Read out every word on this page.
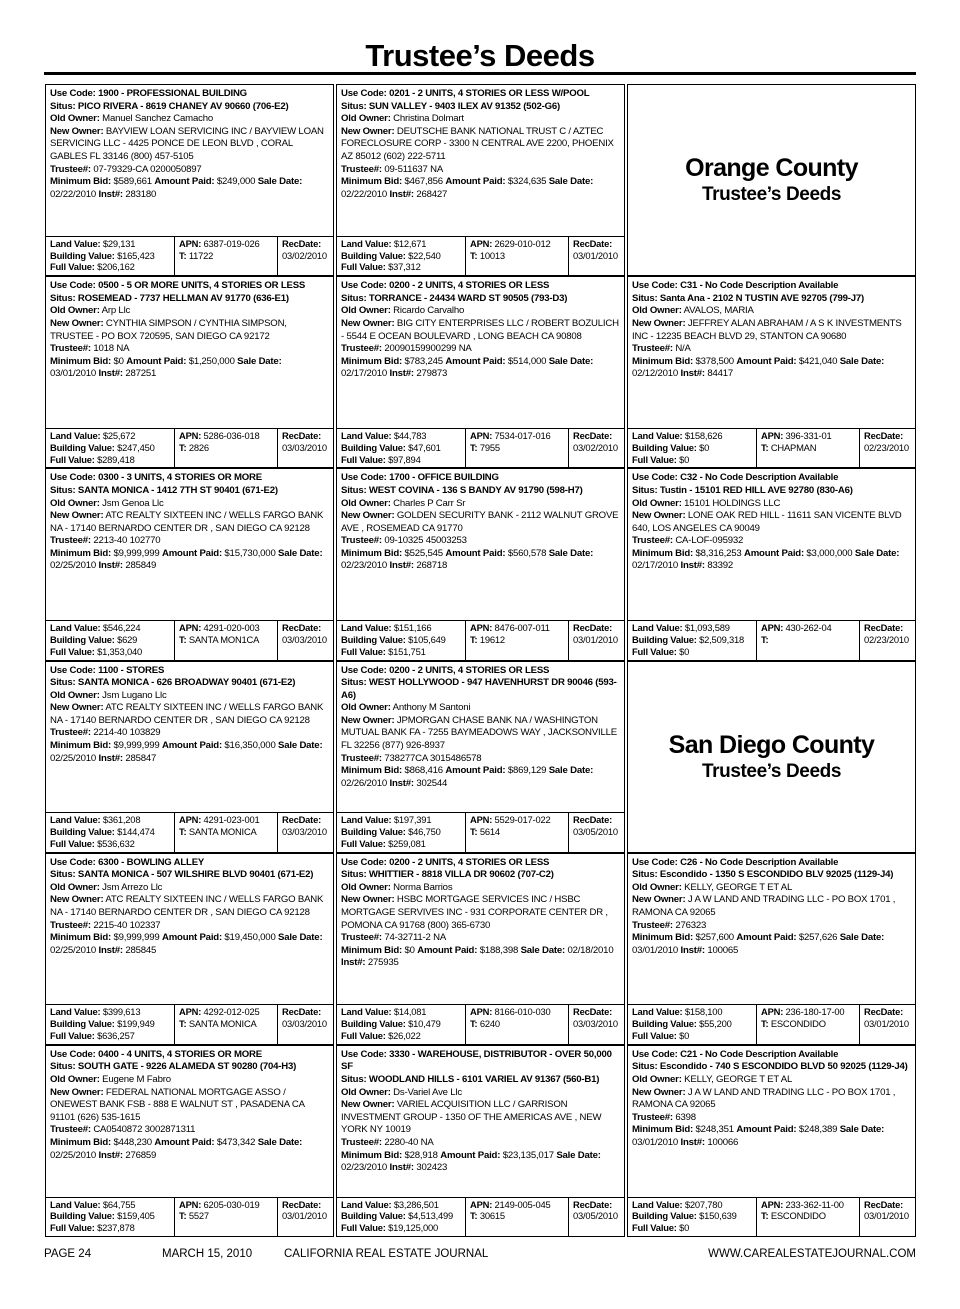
Trustee’s Deeds
Use Code: 1900 - PROFESSIONAL BUILDING
Situs: PICO RIVERA - 8619 CHANEY AV 90660 (706-E2)
Old Owner: Manuel Sanchez Camacho
New Owner: BAYVIEW LOAN SERVICING INC / BAYVIEW LOAN SERVICING LLC - 4425 PONCE DE LEON BLVD , CORAL GABLES FL 33146 (800) 457-5105
Trustee#: 07-79329-CA 0200050897
Minimum Bid: $589,661 Amount Paid: $249,000 Sale Date: 02/22/2010 Inst#: 283180
Land Value: $29,131
Building Value: $165,423
Full Value: $206,162
APN: 6387-019-026
T: 11722
RecDate:
03/02/2010
Use Code: 0201 - 2 UNITS, 4 STORIES OR LESS W/POOL
Situs: SUN VALLEY - 9403 ILEX AV 91352 (502-G6)
Old Owner: Christina Dolmart
New Owner: DEUTSCHE BANK NATIONAL TRUST C / AZTEC FORECLOSURE CORP - 3300 N CENTRAL AVE 2200, PHOENIX AZ 85012 (602) 222-5711
Trustee#: 09-511637 NA
Minimum Bid: $467,856 Amount Paid: $324,635 Sale Date: 02/22/2010 Inst#: 268427
Land Value: $12,671
Building Value: $22,540
Full Value: $37,312
APN: 2629-010-012
T: 10013
RecDate:
03/01/2010
Orange County
Trustee’s Deeds
Use Code: 0500 - 5 OR MORE UNITS, 4 STORIES OR LESS
Situs: ROSEMEAD - 7737 HELLMAN AV 91770 (636-E1)
Old Owner: Arp Llc
New Owner: CYNTHIA SIMPSON / CYNTHIA SIMPSON, TRUSTEE - PO BOX 720595, SAN DIEGO CA 92172
Trustee#: 1018 NA
Minimum Bid: $0 Amount Paid: $1,250,000 Sale Date: 03/01/2010 Inst#: 287251
Land Value: $25,672
Building Value: $247,450
Full Value: $289,418
APN: 5286-036-018
T: 2826
RecDate:
03/03/2010
Use Code: 0200 - 2 UNITS, 4 STORIES OR LESS
Situs: TORRANCE - 24434 WARD ST 90505 (793-D3)
Old Owner: Ricardo Carvalho
New Owner: BIG CITY ENTERPRISES LLC / ROBERT BOZULICH - 5544 E OCEAN BOULEVARD , LONG BEACH CA 90808
Trustee#: 20090159900299 NA
Minimum Bid: $783,245 Amount Paid: $514,000 Sale Date: 02/17/2010 Inst#: 279873
Land Value: $44,783
Building Value: $47,601
Full Value: $97,894
APN: 7534-017-016
T: 7955
RecDate:
03/02/2010
Use Code: C31 - No Code Description Available
Situs: Santa Ana - 2102 N TUSTIN AVE 92705 (799-J7)
Old Owner: AVALOS, MARIA
New Owner: JEFFREY ALAN ABRAHAM / A S K INVESTMENTS INC - 12235 BEACH BLVD 29, STANTON CA 90680
Trustee#: N/A
Minimum Bid: $378,500 Amount Paid: $421,040 Sale Date: 02/12/2010 Inst#: 84417
Land Value: $158,626
Building Value: $0
Full Value: $0
APN: 396-331-01
T: CHAPMAN
RecDate:
02/23/2010
Use Code: 0300 - 3 UNITS, 4 STORIES OR MORE
Situs: SANTA MONICA - 1412 7TH ST 90401 (671-E2)
Old Owner: Jsm Genoa Llc
New Owner: ATC REALTY SIXTEEN INC / WELLS FARGO BANK NA - 17140 BERNARDO CENTER DR , SAN DIEGO CA 92128
Trustee#: 2213-40 102770
Minimum Bid: $9,999,999 Amount Paid: $15,730,000 Sale Date: 02/25/2010 Inst#: 285849
Land Value: $546,224
Building Value: $629
Full Value: $1,353,040
APN: 4291-020-003
T: SANTA MON1CA
RecDate:
03/03/2010
Use Code: 1700 - OFFICE BUILDING
Situs: WEST COVINA - 136 S BANDY AV 91790 (598-H7)
Old Owner: Charles P Carr Sr
New Owner: GOLDEN SECURITY BANK - 2112 WALNUT GROVE AVE , ROSEMEAD CA 91770
Trustee#: 09-10325 45003253
Minimum Bid: $525,545 Amount Paid: $560,578 Sale Date: 02/23/2010 Inst#: 268718
Land Value: $151,166
Building Value: $105,649
Full Value: $151,751
APN: 8476-007-011
T: 19612
RecDate:
03/01/2010
Use Code: C32 - No Code Description Available
Situs: Tustin - 15101 RED HILL AVE 92780 (830-A6)
Old Owner: 15101 HOLDINGS LLC
New Owner: LONE OAK RED HILL - 11611 SAN VICENTE BLVD 640, LOS ANGELES CA 90049
Trustee#: CA-LOF-095932
Minimum Bid: $8,316,253 Amount Paid: $3,000,000 Sale Date: 02/17/2010 Inst#: 83392
Land Value: $1,093,589
Building Value: $2,509,318
Full Value: $0
APN: 430-262-04
T:
RecDate:
02/23/2010
Use Code: 1100 - STORES
Situs: SANTA MONICA - 626 BROADWAY 90401 (671-E2)
Old Owner: Jsm Lugano Llc
New Owner: ATC REALTY SIXTEEN INC / WELLS FARGO BANK NA - 17140 BERNARDO CENTER DR , SAN DIEGO CA 92128
Trustee#: 2214-40 103829
Minimum Bid: $9,999,999 Amount Paid: $16,350,000 Sale Date: 02/25/2010 Inst#: 285847
Land Value: $361,208
Building Value: $144,474
Full Value: $536,632
APN: 4291-023-001
T: SANTA MONICA
RecDate:
03/03/2010
Use Code: 0200 - 2 UNITS, 4 STORIES OR LESS
Situs: WEST HOLLYWOOD - 947 HAVENHURST DR 90046 (593-A6)
Old Owner: Anthony M Santoni
New Owner: JPMORGAN CHASE BANK NA / WASHINGTON MUTUAL BANK FA - 7255 BAYMEADOWS WAY , JACKSONVILLE FL 32256 (877) 926-8937
Trustee#: 738277CA 3015486578
Minimum Bid: $868,416 Amount Paid: $869,129 Sale Date: 02/26/2010 Inst#: 302544
Land Value: $197,391
Building Value: $46,750
Full Value: $259,081
APN: 5529-017-022
T: 5614
RecDate:
03/05/2010
San Diego County
Trustee’s Deeds
Use Code: 6300 - BOWLING ALLEY
Situs: SANTA MONICA - 507 WILSHIRE BLVD 90401 (671-E2)
Old Owner: Jsm Arrezo Llc
New Owner: ATC REALTY SIXTEEN INC / WELLS FARGO BANK NA - 17140 BERNARDO CENTER DR , SAN DIEGO CA 92128
Trustee#: 2215-40 102337
Minimum Bid: $9,999,999 Amount Paid: $19,450,000 Sale Date: 02/25/2010 Inst#: 285845
Land Value: $399,613
Building Value: $199,949
Full Value: $636,257
APN: 4292-012-025
T: SANTA MONICA
RecDate:
03/03/2010
Use Code: 0200 - 2 UNITS, 4 STORIES OR LESS
Situs: WHITTIER - 8818 VILLA DR 90602 (707-C2)
Old Owner: Norma Barrios
New Owner: HSBC MORTGAGE SERVICES INC / HSBC MORTGAGE SERVIVES INC - 931 CORPORATE CENTER DR , POMONA CA 91768 (800) 365-6730
Trustee#: 74-32711-2 NA
Minimum Bid: $0 Amount Paid: $188,398 Sale Date: 02/18/2010 Inst#: 275935
Land Value: $14,081
Building Value: $10,479
Full Value: $26,022
APN: 8166-010-030
T: 6240
RecDate:
03/03/2010
Use Code: C26 - No Code Description Available
Situs: Escondido - 1350 S ESCONDIDO BLV 92025 (1129-J4)
Old Owner: KELLY, GEORGE T ET AL
New Owner: J A W LAND AND TRADING LLC - PO BOX 1701 , RAMONA CA 92065
Trustee#: 276323
Minimum Bid: $257,600 Amount Paid: $257,626 Sale Date: 03/01/2010 Inst#: 100065
Land Value: $158,100
Building Value: $55,200
Full Value: $0
APN: 236-180-17-00
T: ESCONDIDO
RecDate:
03/01/2010
Use Code: 0400 - 4 UNITS, 4 STORIES OR MORE
Situs: SOUTH GATE - 9226 ALAMEDA ST 90280 (704-H3)
Old Owner: Eugene M Fabro
New Owner: FEDERAL NATIONAL MORTGAGE ASSO / ONEWEST BANK FSB - 888 E WALNUT ST , PASADENA CA 91101 (626) 535-1615
Trustee#: CA0540872 3002871311
Minimum Bid: $448,230 Amount Paid: $473,342 Sale Date: 02/25/2010 Inst#: 276859
Land Value: $64,755
Building Value: $159,405
Full Value: $237,878
APN: 6205-030-019
T: 5527
RecDate:
03/01/2010
Use Code: 3330 - WAREHOUSE, DISTRIBUTOR - OVER 50,000 SF
Situs: WOODLAND HILLS - 6101 VARIEL AV 91367 (560-B1)
Old Owner: Ds-Variel Ave Llc
New Owner: VARIEL ACQUISITION LLC / GARRISON INVESTMENT GROUP - 1350 OF THE AMERICAS AVE , NEW YORK NY 10019
Trustee#: 2280-40 NA
Minimum Bid: $28,918 Amount Paid: $23,135,017 Sale Date: 02/23/2010 Inst#: 302423
Land Value: $3,286,501
Building Value: $4,513,499
Full Value: $19,125,000
APN: 2149-005-045
T: 30615
RecDate:
03/05/2010
Use Code: C21 - No Code Description Available
Situs: Escondido - 740 S ESCONDIDO BLVD 50 92025 (1129-J4)
Old Owner: KELLY, GEORGE T ET AL
New Owner: J A W LAND AND TRADING LLC - PO BOX 1701 , RAMONA CA 92065
Trustee#: 6398
Minimum Bid: $248,351 Amount Paid: $248,389 Sale Date: 03/01/2010 Inst#: 100066
Land Value: $207,780
Building Value: $150,639
Full Value: $0
APN: 233-362-11-00
T: ESCONDIDO
RecDate:
03/01/2010
PAGE 24	MARCH 15, 2010	CALIFORNIA REAL ESTATE JOURNAL	WWW.CAREALESTATEJOURNAL.COM
